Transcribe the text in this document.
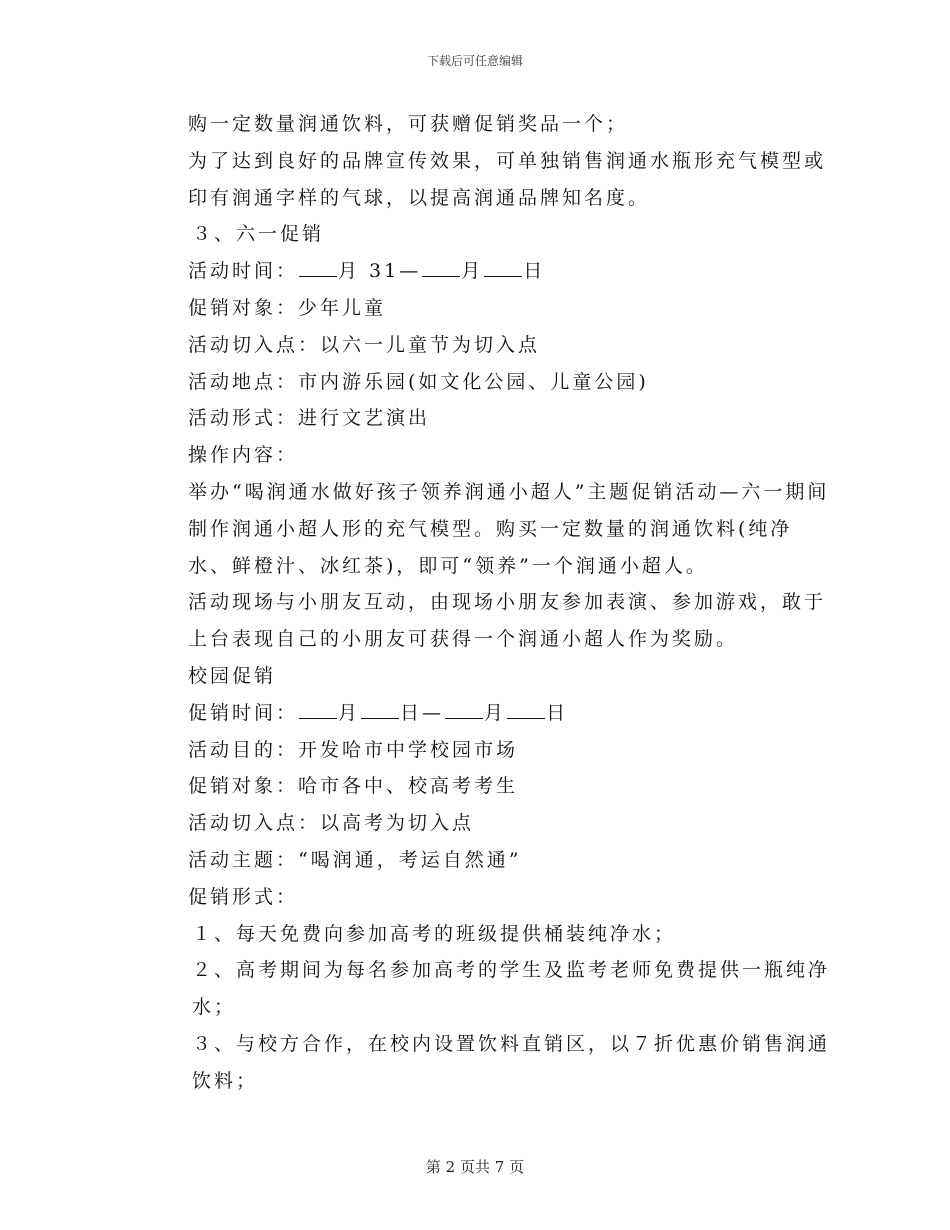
下载后可任意编辑

购一定数量润通饮料，可获赠促销奖品一个；

为了达到良好的品牌宣传效果，可单独销售润通水瓶形充气模型或印有润通字样的气球，以提高润通品牌知名度。

３、六一促销

活动时间： 月 31— 月 日

促销对象：少年儿童

活动切入点：以六一儿童节为切入点

活动地点：市内游乐园(如文化公园、儿童公园)

活动形式：进行文艺演出

操作内容：

举办“喝润通水做好孩子领养润通小超人”主题促销活动—六一期间制作润通小超人形的充气模型。购买一定数量的润通饮料(纯净水、鲜橙汁、冰红茶)，即可“领养”一个润通小超人。

活动现场与小朋友互动，由现场小朋友参加表演、参加游戏，敢于上台表现自己的小朋友可获得一个润通小超人作为奖励。

校园促销

促销时间： 月 日— 月 日

活动目的：开发哈市中学校园市场

促销对象：哈市各中、校高考考生

活动切入点：以高考为切入点

活动主题：“喝润通，考运自然通”

促销形式：

１、每天免费向参加高考的班级提供桶装纯净水；

２、高考期间为每名参加高考的学生及监考老师免费提供一瓶纯净水；

３、与校方合作，在校内设置饮料直销区，以７折优惠价销售润通饮料；

第 2 页共 7 页
